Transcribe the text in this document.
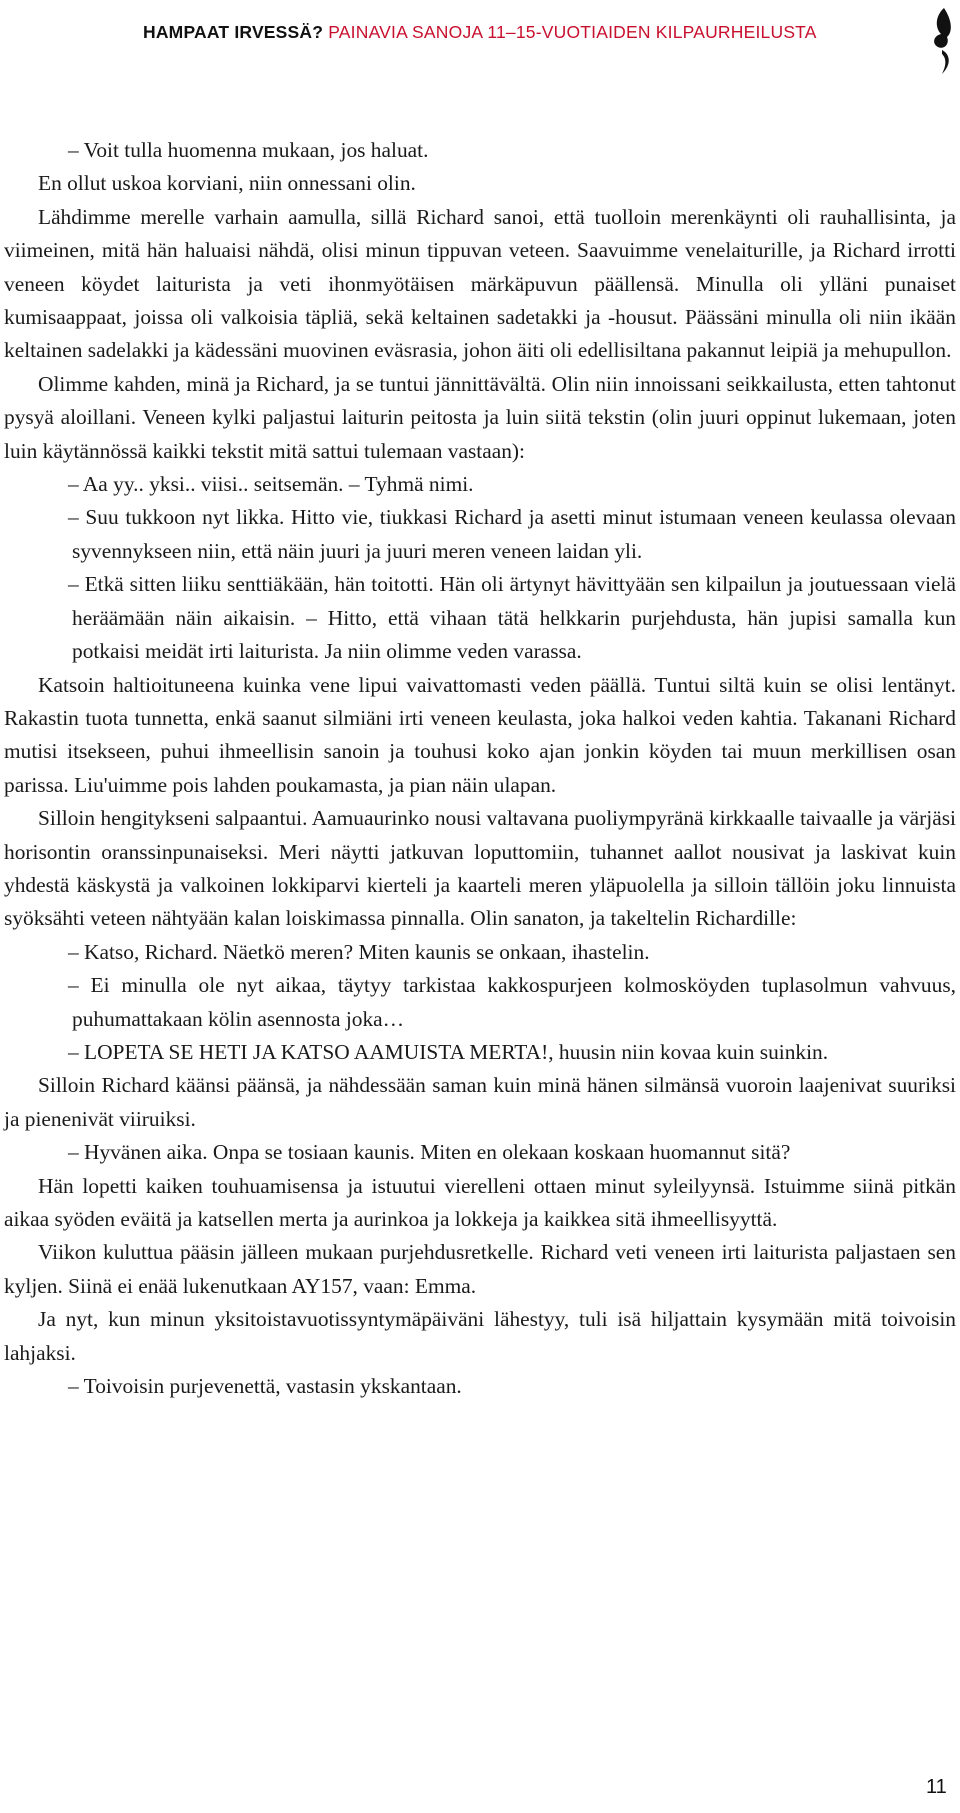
HAMPAAT IRVESSÄ? PAINAVIA SANOJA 11–15-VUOTIAIDEN KILPAURHEILUSTA

– Voit tulla huomenna mukaan, jos haluat.

En ollut uskoa korviani, niin onnessani olin.

Lähdimme merelle varhain aamulla, sillä Richard sanoi, että tuolloin merenkäynti oli rauhallisinta, ja viimeinen, mitä hän haluaisi nähdä, olisi minun tippuvan veteen. Saavuimme venelaiturille, ja Richard irrotti veneen köydet laiturista ja veti ihonmyötäisen märkäpuvun päällensä. Minulla oli ylläni punaiset kumisaappaat, joissa oli valkoisia täpliä, sekä keltainen sadetakki ja -housut. Päässäni minulla oli niin ikään keltainen sadelakki ja kädessäni muovinen eväsrasia, johon äiti oli edellisiltana pakannut leipiä ja mehupullon.

Olimme kahden, minä ja Richard, ja se tuntui jännittävältä. Olin niin innoissani seikkailusta, etten tahtonut pysyä aloillani. Veneen kylki paljastui laiturin peitosta ja luin siitä tekstin (olin juuri oppinut lukemaan, joten luin käytännössä kaikki tekstit mitä sattui tulemaan vastaan):

– Aa yy.. yksi.. viisi.. seitsemän. – Tyhmä nimi.

– Suu tukkoon nyt likka. Hitto vie, tiukkasi Richard ja asetti minut istumaan veneen keulassa olevaan syvennykseen niin, että näin juuri ja juuri meren veneen laidan yli.

– Etkä sitten liiku senttiäkään, hän toitotti. Hän oli ärtynyt hävittyään sen kilpailun ja joutuessaan vielä heräämään näin aikaisin. – Hitto, että vihaan tätä helkkarin purjehdusta, hän jupisi samalla kun potkaisi meidät irti laiturista. Ja niin olimme veden varassa.

Katsoin haltioituneena kuinka vene lipui vaivattomasti veden päällä. Tuntui siltä kuin se olisi lentänyt. Rakastin tuota tunnetta, enkä saanut silmiäni irti veneen keulasta, joka halkoi veden kahtia. Takanani Richard mutisi itsekseen, puhui ihmeellisin sanoin ja touhusi koko ajan jonkin köyden tai muun merkillisen osan parissa. Liu'uimme pois lahden poukamasta, ja pian näin ulapan.

Silloin hengitykseni salpaantui. Aamuaurinko nousi valtavana puoliympyränä kirkkaalle taivaalle ja värjäsi horisontin oranssinpunaiseksi. Meri näytti jatkuvan loputtomiin, tuhannet aallot nousivat ja laskivat kuin yhdestä käskystä ja valkoinen lokkiparvi kierteli ja kaarteli meren yläpuolella ja silloin tällöin joku linnuista syöksähti veteen nähtyään kalan loiskimassa pinnalla. Olin sanaton, ja takeltelin Richardille:

– Katso, Richard. Näetkö meren? Miten kaunis se onkaan, ihastelin.

– Ei minulla ole nyt aikaa, täytyy tarkistaa kakkospurjeen kolmosköyden tuplasolmun vahvuus, puhumattakaan kölin asennosta joka…

– LOPETA SE HETI JA KATSO AAMUISTA MERTA!, huusin niin kovaa kuin suinkin.

Silloin Richard käänsi päänsä, ja nähdessään saman kuin minä hänen silmänsä vuoroin laajenivat suuriksi ja pienenivät viiruiksi.

– Hyvänen aika. Onpa se tosiaan kaunis. Miten en olekaan koskaan huomannut sitä?

Hän lopetti kaiken touhuamisensa ja istuutui vierelleni ottaen minut syleilyynsä. Istuimme siinä pitkän aikaa syöden eväitä ja katsellen merta ja aurinkoa ja lokkeja ja kaikkea sitä ihmeellisyyttä.

Viikon kuluttua pääsin jälleen mukaan purjehdusretkelle. Richard veti veneen irti laiturista paljastaen sen kyljen. Siinä ei enää lukenutkaan AY157, vaan: Emma.

Ja nyt, kun minun yksitoistavuotissyntymäpäiväni lähestyy, tuli isä hiljattain kysymään mitä toivoisin lahjaksi.

– Toivoisin purjevenettä, vastasin ykskantaan.

11
